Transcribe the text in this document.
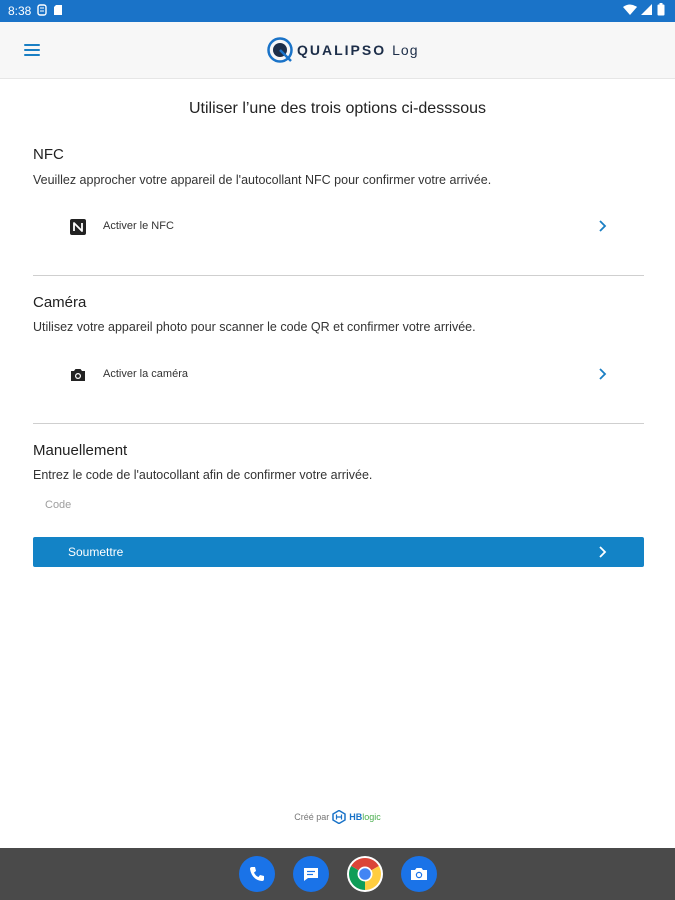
8:38
QUALIPSO Log
Utiliser l’une des trois options ci-desssous
NFC
Veuillez approcher votre appareil de l'autocollant NFC pour confirmer votre arrivée.
Activer le NFC
Caméra
Utilisez votre appareil photo pour scanner le code QR et confirmer votre arrivée.
Activer la caméra
Manuellement
Entrez le code de l'autocollant afin de confirmer votre arrivée.
Code
Soumettre
Créé par HBlogic
